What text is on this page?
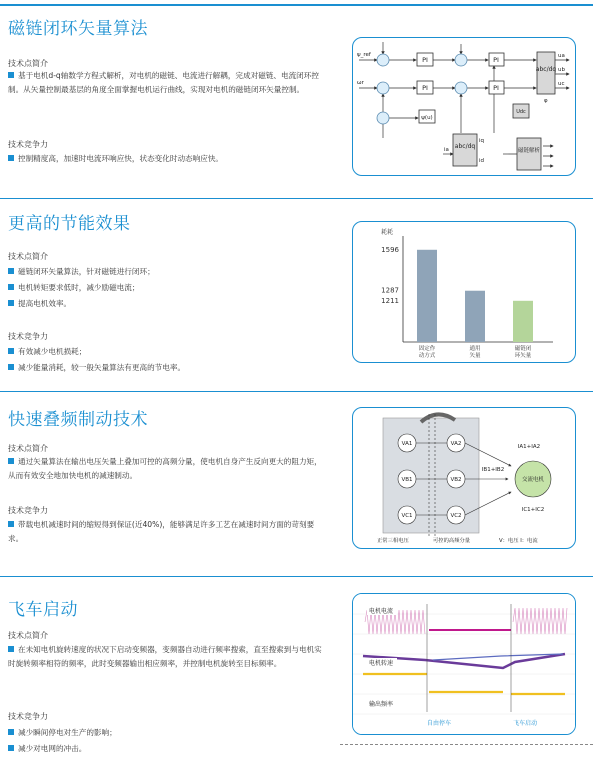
磁链闭环矢量算法
技术点简介
基于电机d-q轴数学方程式解析，对电机的磁链、电流进行解耦，完成对磁链、电流闭环控制。从矢量控制最基层的角度全面掌握电机运行曲线，实现对电机的磁链闭环矢量控制。
技术竞争力
控制精度高，加速时电流环响应快，状态变化时动态响应快。
PI	PI
PI	PI
ψ(u)
abc/dq
abc/dq
磁链解析
Udc
ψ_ref
ωr
ua
ub
uc
ia
iq
id
φ
更高的节能效果
技术点简介
磁链闭环矢量算法，针对磁链进行闭环；
电机转矩要求低时，减少励磁电流；
提高电机效率。
技术竞争力
有效减少电机损耗；
减少能量消耗，较一般矢量算法有更高的节电率。
耗耗
1596
固定作
动方式
1287
通用
矢量
1211
磁链闭
环矢量
快速叠频制动技术
技术点简介
通过矢量算法在输出电压矢量上叠加可控的高频分量，使电机自身产生反向更大的阻力矩，从而有效安全地加快电机的减速制动。
技术竞争力
带载电机减速时间的缩短得到保证(近40%)，能够满足许多工艺在减速时间方面的苛刻要求。
VA1
VB1
VC1
VA2
VB2
VC2
交流电机
IA1+IA2
IB1+IB2
IC1+IC2
正常三相电压	可控的高频分量	V：电压 I：电流
飞车启动
技术点简介
在未知电机旋转速度的状况下启动变频器，变频器自动进行频率搜索，直至搜索到与电机实时旋转频率相符的频率，此时变频器输出相应频率，并控制电机旋转至目标频率。
技术竞争力
减少瞬间停电对生产的影响；
减少对电网的冲击。
电机电流
电机转速
输出频率
自由停车	飞车启动
